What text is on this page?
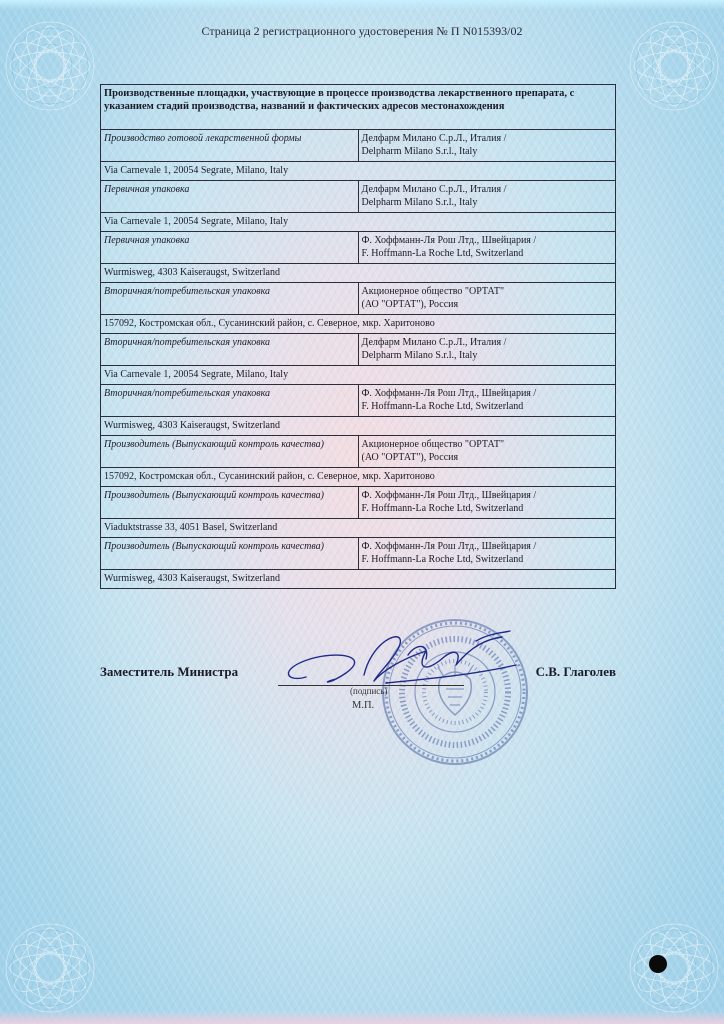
Страница 2 регистрационного удостоверения № П N015393/02
Производственные площадки, участвующие в процессе производства лекарственного препарата, с указанием стадий производства, названий и фактических адресов местонахождения	
Производство готовой лекарственной формы	Делфарм Милано С.р.Л., Италия /
Delpharm Milano S.r.l., Italy

Via Carnevale 1, 20054 Segrate, Milano, Italy	
Первичная упаковка	Делфарм Милано С.р.Л., Италия /
Delpharm Milano S.r.l., Italy

Via Carnevale 1, 20054 Segrate, Milano, Italy	
Первичная упаковка	Ф. Хоффманн-Ля Рош Лтд., Швейцария /
F. Hoffmann-La Roche Ltd, Switzerland

Wurmisweg, 4303 Kaiseraugst, Switzerland	
Вторичная/потребительская упаковка	Акционерное общество "ОРТАТ"
(АО "ОРТАТ"), Россия

157092, Костромская обл., Сусанинский район, с. Северное, мкр. Харитоново	
Вторичная/потребительская упаковка	Делфарм Милано С.р.Л., Италия /
Delpharm Milano S.r.l., Italy

Via Carnevale 1, 20054 Segrate, Milano, Italy	
Вторичная/потребительская упаковка	Ф. Хоффманн-Ля Рош Лтд., Швейцария /
F. Hoffmann-La Roche Ltd, Switzerland

Wurmisweg, 4303 Kaiseraugst, Switzerland	
Производитель (Выпускающий контроль качества)	Акционерное общество "ОРТАТ"
(АО "ОРТАТ"), Россия

157092, Костромская обл., Сусанинский район, с. Северное, мкр. Харитоново	
Производитель (Выпускающий контроль качества)	Ф. Хоффманн-Ля Рош Лтд., Швейцария /
F. Hoffmann-La Roche Ltd, Switzerland

Viaduktstrasse 33, 4051 Basel, Switzerland	
Производитель (Выпускающий контроль качества)	Ф. Хоффманн-Ля Рош Лтд., Швейцария /
F. Hoffmann-La Roche Ltd, Switzerland

Wurmisweg, 4303 Kaiseraugst, Switzerland	
Заместитель Министра
(подпись)
М.П.
С.В. Глаголев
